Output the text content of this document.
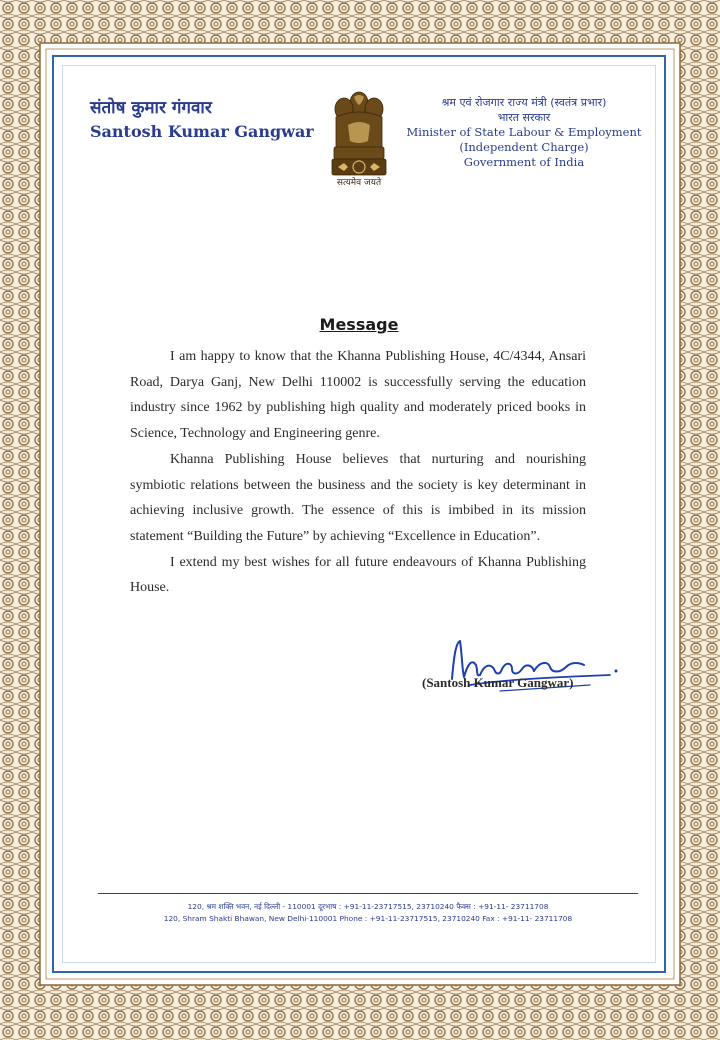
संतोष कुमार गंगवार
Santosh Kumar Gangwar
सत्यमेव जयते
श्रम एवं रोजगार राज्य मंत्री (स्वतंत्र प्रभार)
भारत सरकार
Minister of State Labour & Employment
(Independent Charge)
Government of India
Message

I am happy to know that the Khanna Publishing House, 4C/4344, Ansari Road, Darya Ganj, New Delhi 110002 is successfully serving the education industry since 1962 by publishing high quality and moderately priced books in Science, Technology and Engineering genre.

Khanna Publishing House believes that nurturing and nourishing symbiotic relations between the business and the society is key determinant in achieving inclusive growth. The essence of this is imbibed in its mission statement “Building the Future” by achieving “Excellence in Education”.

I extend my best wishes for all future endeavours of Khanna Publishing House.

(Santosh Kumar Gangwar)
120, श्रम शक्ति भवन, नई दिल्ली - 110001 दूरभाष : +91-11-23717515, 23710240 फैक्स : +91-11- 23711708
120, Shram Shakti Bhawan, New Delhi-110001 Phone : +91-11-23717515, 23710240 Fax : +91-11- 23711708
